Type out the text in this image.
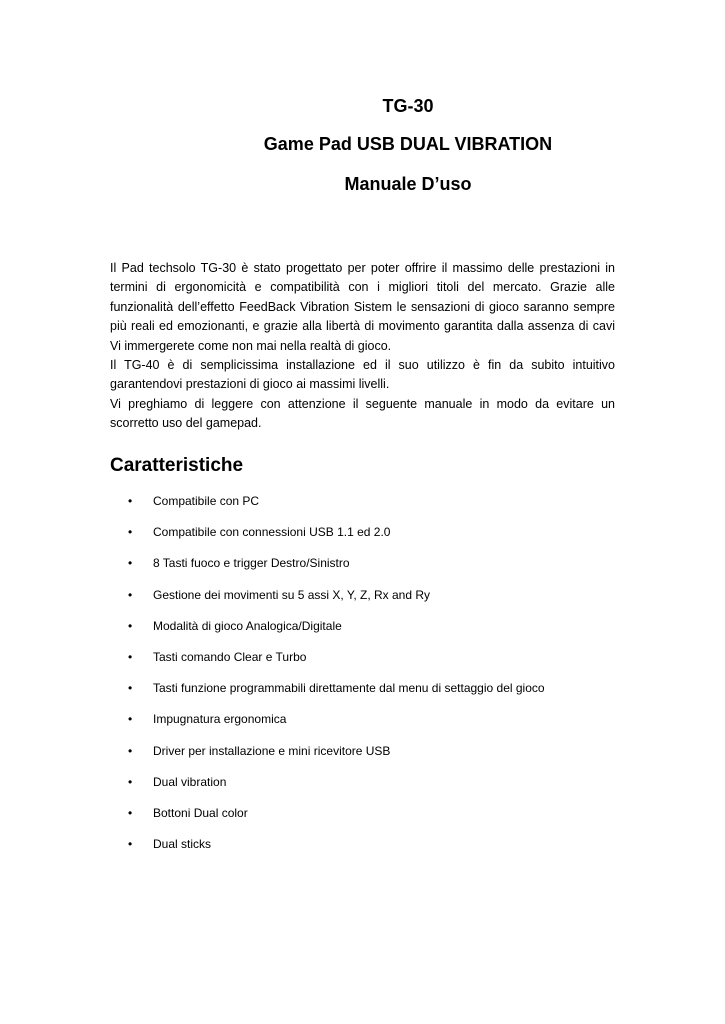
TG-30
Game Pad USB DUAL VIBRATION
Manuale D’uso

Il Pad techsolo TG-30 è stato progettato per poter offrire il massimo delle prestazioni in termini di ergonomicità e compatibilità con i migliori titoli del mercato. Grazie alle funzionalità dell’effetto FeedBack Vibration Sistem le sensazioni di gioco saranno sempre più reali ed emozionanti, e grazie alla libertà di movimento garantita dalla assenza di cavi Vi immergerete come non mai nella realtà di gioco.

Il TG-40 è di semplicissima installazione ed il suo utilizzo è fin da subito intuitivo garantendovi prestazioni di gioco ai massimi livelli.

Vi preghiamo di leggere con attenzione il seguente manuale in modo da evitare un scorretto uso del gamepad.

Caratteristiche
• Compatibile con PC
• Compatibile con connessioni USB 1.1 ed 2.0
• 8 Tasti fuoco e trigger Destro/Sinistro
• Gestione dei movimenti su 5 assi X, Y, Z, Rx and Ry
• Modalità di gioco Analogica/Digitale
• Tasti comando Clear e Turbo
• Tasti funzione programmabili direttamente dal menu di settaggio del gioco
• Impugnatura ergonomica
• Driver per installazione e mini ricevitore USB
• Dual vibration
• Bottoni Dual color
• Dual sticks
